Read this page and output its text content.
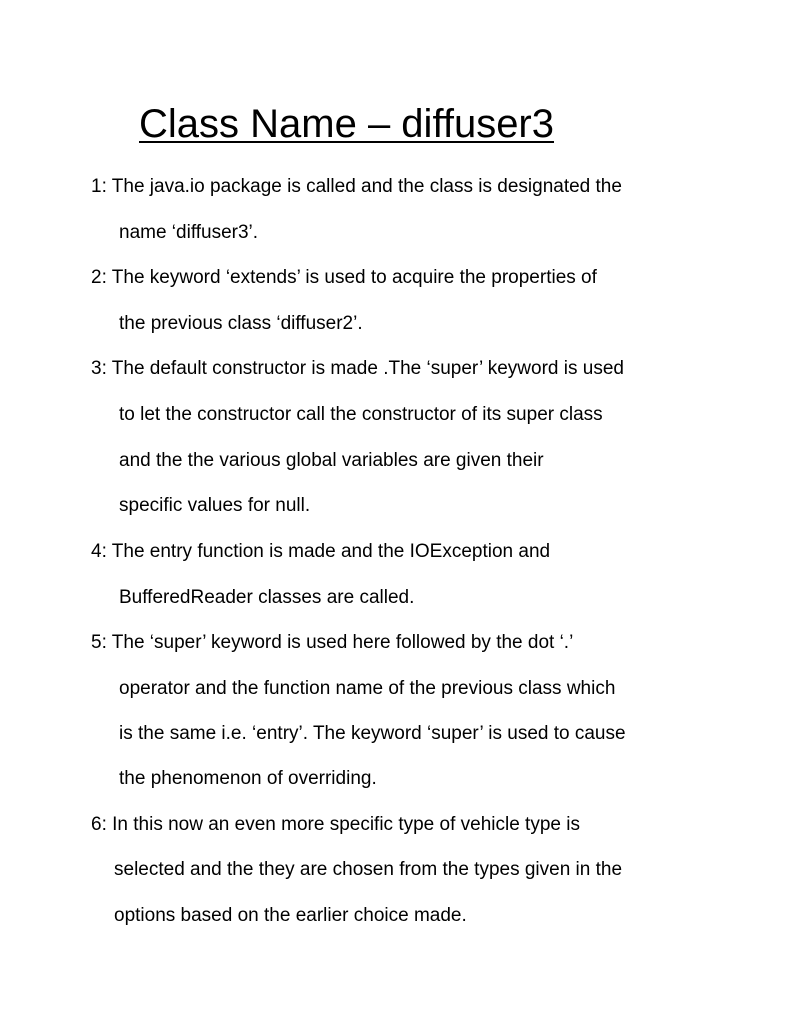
Class Name – diffuser3

1: The java.io package is called and the class is designated the

name ‘diffuser3’.

2: The keyword ‘extends’ is used to acquire the properties of

the previous class ‘diffuser2’.

3: The default constructor is made .The ‘super’ keyword is used

to let the constructor call the constructor of its super class

and the the various global variables are given their

specific values for null.

4: The entry function is made and the IOException and

BufferedReader classes are called.

5: The ‘super’ keyword is used here followed by the dot ‘.’

operator and the function name of the previous class which

is the same i.e. ‘entry’. The keyword ‘super’ is used to cause

the phenomenon of overriding.

6: In this now an even more specific type of vehicle type is

selected and the they are chosen from the types given in the

options based on the earlier choice made.
